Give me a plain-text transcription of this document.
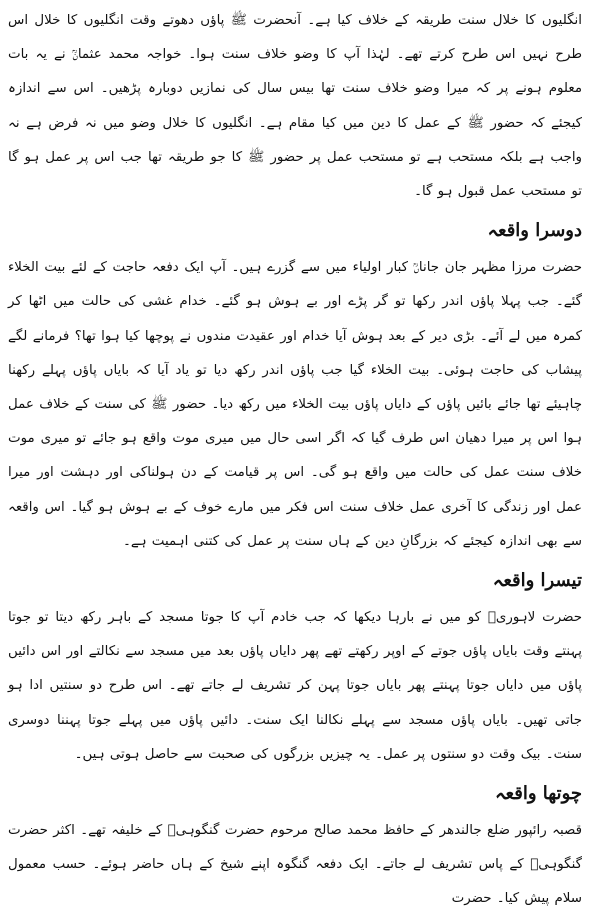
انگلیوں کا خلال سنت طریقہ کے خلاف کیا ہے۔ آنحضرت ﷺ پاؤں دھوتے وقت انگلیوں کا خلال اس طرح نہیں اس طرح کرتے تھے۔ لہٰذا آپ کا وضو خلاف سنت ہوا۔ خواجہ محمد عثمانؒ نے یہ بات معلوم ہونے پر کہ میرا وضو خلاف سنت تھا بیس سال کی نمازیں دوبارہ پڑھیں۔ اس سے اندازہ کیجئے کہ حضور ﷺ کے عمل کا دین میں کیا مقام ہے۔ انگلیوں کا خلال وضو میں نہ فرض ہے نہ واجب ہے بلکہ مستحب ہے تو مستحب عمل پر حضور ﷺ کا جو طریقہ تھا جب اس پر عمل ہو گا تو مستحب عمل قبول ہو گا۔

دوسرا واقعہ

حضرت مرزا مظہر جان جاناںؒ کبار اولیاء میں سے گزرے ہیں۔ آپ ایک دفعہ حاجت کے لئے بیت الخلاء گئے۔ جب پہلا پاؤں اندر رکھا تو گر پڑے اور بے ہوش ہو گئے۔ خدام غشی کی حالت میں اٹھا کر کمرہ میں لے آئے۔ بڑی دیر کے بعد ہوش آیا خدام اور عقیدت مندوں نے پوچھا کیا ہوا تھا؟ فرمانے لگے پیشاب کی حاجت ہوئی۔ بیت الخلاء گیا جب پاؤں اندر رکھ دیا تو یاد آیا کہ بایاں پاؤں پہلے رکھنا چاہیئے تھا جائے بائیں پاؤں کے دایاں پاؤں بیت الخلاء میں رکھ دیا۔ حضور ﷺ کی سنت کے خلاف عمل ہوا اس پر میرا دھیان اس طرف گیا کہ اگر اسی حال میں میری موت واقع ہو جائے تو میری موت خلاف سنت عمل کی حالت میں واقع ہو گی۔ اس پر قیامت کے دن ہولناکی اور دہشت اور میرا عمل اور زندگی کا آخری عمل خلاف سنت اس فکر میں مارے خوف کے بے ہوش ہو گیا۔ اس واقعہ سے بھی اندازہ کیجئے کہ بزرگانِ دین کے ہاں سنت پر عمل کی کتنی اہمیت ہے۔

تیسرا واقعہ

حضرت لاہوریؒ کو میں نے بارہا دیکھا کہ جب خادم آپ کا جوتا مسجد کے باہر رکھ دیتا تو جوتا پہنتے وقت بایاں پاؤں جوتے کے اوپر رکھتے تھے پھر دایاں پاؤں بعد میں مسجد سے نکالتے اور اس دائیں پاؤں میں دایاں جوتا پہنتے پھر بایاں جوتا پہن کر تشریف لے جاتے تھے۔ اس طرح دو سنتیں ادا ہو جاتی تھیں۔ بایاں پاؤں مسجد سے پہلے نکالنا ایک سنت۔ دائیں پاؤں میں پہلے جوتا پہننا دوسری سنت۔ بیک وقت دو سنتوں پر عمل۔ یہ چیزیں بزرگوں کی صحبت سے حاصل ہوتی ہیں۔

چوتھا واقعہ

قصبہ رائپور ضلع جالندھر کے حافظ محمد صالح مرحوم حضرت گنگوہیؒ کے خلیفہ تھے۔ اکثر حضرت گنگوہیؒ کے پاس تشریف لے جاتے۔ ایک دفعہ گنگوہ اپنے شیخ کے ہاں حاضر ہوئے۔ حسب معمول سلام پیش کیا۔ حضرت
